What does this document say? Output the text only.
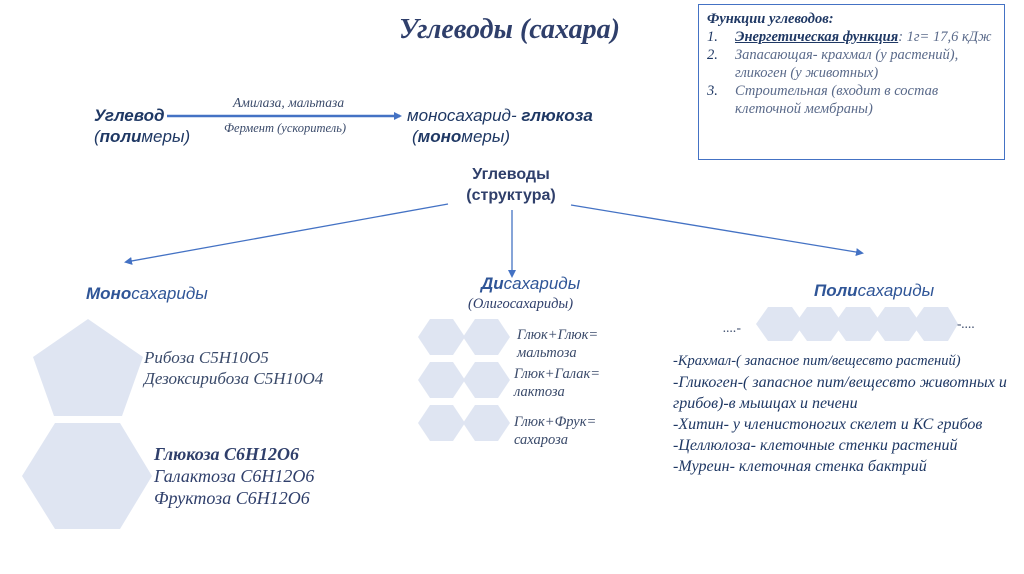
Углеводы (сахара)	Функции углеводов:
1. Энергетическая функция: 1г= 17,6 кДж
2. Запасающая- крахмал (у растений), гликоген (у животных)
3. Строительная (входит в состав клеточной мембраны)
Углевод
(полимеры)
Амилаза, мальтаза
Фермент (ускоритель)
моносахарид- глюкоза
(мономеры)
Углеводы
(структура)
Моносахариды
Рибоза С5Н10О5
Дезоксирибоза С5Н10О4
Глюкоза С6Н12О6
Галактоза С6Н12О6
Фруктоза С6Н12О6
Дисахариды
(Олигосахариды)
Глюк+Глюк=
мальтоза
Глюк+Галак=
лактоза
Глюк+Фрук=
сахароза
Полисахариды
....-	-....
-Крахмал-( запасное пит/вещесвто растений)
-Гликоген-( запасное пит/вещесвто животных и грибов)-в мышцах и печени
-Хитин- у членистоногих скелет и КС грибов
-Целлюлоза- клеточные стенки растений
-Муреин- клеточная стенка бактрий
